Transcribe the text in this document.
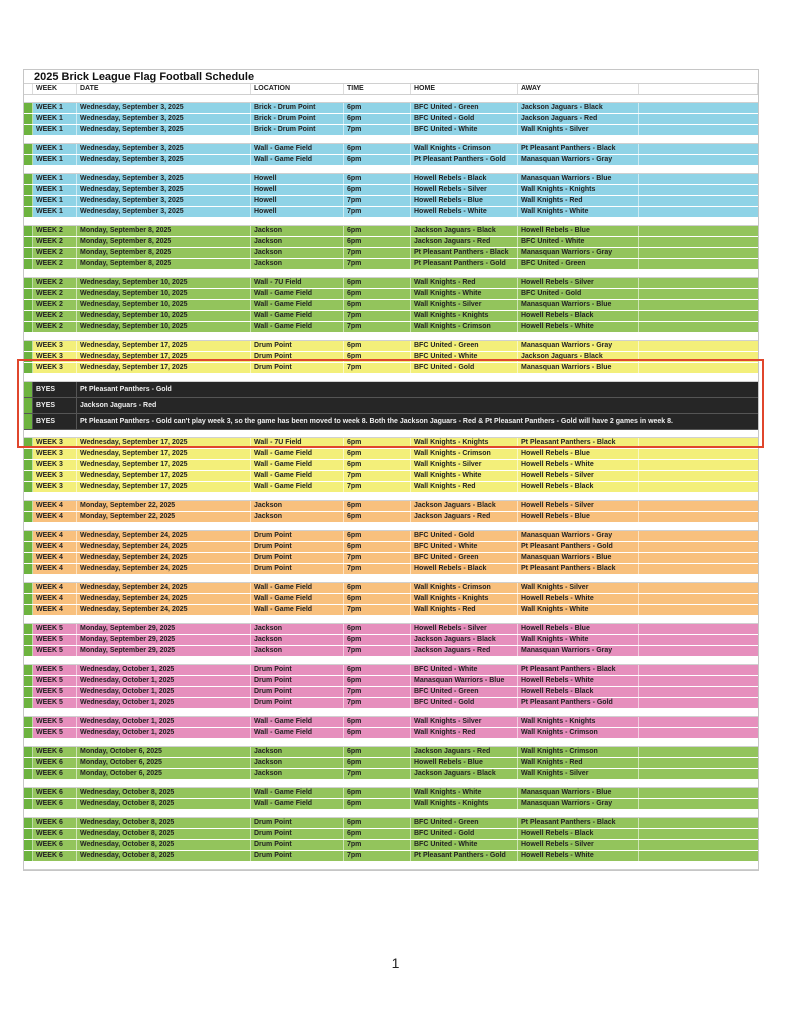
2025 Brick League Flag Football Schedule
WEEK	DATE	LOCATION	TIME	HOME	AWAY
WEEK 1	Wednesday, September 3, 2025	Brick - Drum Point	6pm	BFC United - Green	Jackson Jaguars - Black
WEEK 1	Wednesday, September 3, 2025	Brick - Drum Point	6pm	BFC United - Gold	Jackson Jaguars - Red
WEEK 1	Wednesday, September 3, 2025	Brick - Drum Point	7pm	BFC United - White	Wall Knights - Silver
WEEK 1	Wednesday, September 3, 2025	Wall - Game Field	6pm	Wall Knights - Crimson	Pt Pleasant Panthers - Black
WEEK 1	Wednesday, September 3, 2025	Wall - Game Field	6pm	Pt Pleasant Panthers - Gold	Manasquan Warriors - Gray
WEEK 1	Wednesday, September 3, 2025	Howell	6pm	Howell Rebels - Black	Manasquan Warriors - Blue
WEEK 1	Wednesday, September 3, 2025	Howell	6pm	Howell Rebels - Silver	Wall Knights - Knights
WEEK 1	Wednesday, September 3, 2025	Howell	7pm	Howell Rebels - Blue	Wall Knights - Red
WEEK 1	Wednesday, September 3, 2025	Howell	7pm	Howell Rebels - White	Wall Knights - White
WEEK 2	Monday, September 8, 2025	Jackson	6pm	Jackson Jaguars - Black	Howell Rebels - Blue
WEEK 2	Monday, September 8, 2025	Jackson	6pm	Jackson Jaguars - Red	BFC United - White
WEEK 2	Monday, September 8, 2025	Jackson	7pm	Pt Pleasant Panthers - Black	Manasquan Warriors - Gray
WEEK 2	Monday, September 8, 2025	Jackson	7pm	Pt Pleasant Panthers - Gold	BFC United - Green
WEEK 2	Wednesday, September 10, 2025	Wall - 7U Field	6pm	Wall Knights - Red	Howell Rebels - Silver
WEEK 2	Wednesday, September 10, 2025	Wall - Game Field	6pm	Wall Knights - White	BFC United - Gold
WEEK 2	Wednesday, September 10, 2025	Wall - Game Field	6pm	Wall Knights - Silver	Manasquan Warriors - Blue
WEEK 2	Wednesday, September 10, 2025	Wall - Game Field	7pm	Wall Knights - Knights	Howell Rebels - Black
WEEK 2	Wednesday, September 10, 2025	Wall - Game Field	7pm	Wall Knights - Crimson	Howell Rebels - White
WEEK 3	Wednesday, September 17, 2025	Drum Point	6pm	BFC United - Green	Manasquan Warriors - Gray
WEEK 3	Wednesday, September 17, 2025	Drum Point	6pm	BFC United - White	Jackson Jaguars - Black
WEEK 3	Wednesday, September 17, 2025	Drum Point	7pm	BFC United - Gold	Manasquan Warriors - Blue
BYES	Pt Pleasant Panthers - Gold
BYES	Jackson Jaguars - Red
BYES	Pt Pleasant Panthers - Gold can't play week 3, so the game has been moved to week 8. Both the Jackson Jaguars - Red & Pt Pleasant Panthers - Gold will have 2 games in week 8.
WEEK 3	Wednesday, September 17, 2025	Wall - 7U Field	6pm	Wall Knights - Knights	Pt Pleasant Panthers - Black
WEEK 3	Wednesday, September 17, 2025	Wall - Game Field	6pm	Wall Knights - Crimson	Howell Rebels - Blue
WEEK 3	Wednesday, September 17, 2025	Wall - Game Field	6pm	Wall Knights - Silver	Howell Rebels - White
WEEK 3	Wednesday, September 17, 2025	Wall - Game Field	7pm	Wall Knights - White	Howell Rebels - Silver
WEEK 3	Wednesday, September 17, 2025	Wall - Game Field	7pm	Wall Knights - Red	Howell Rebels - Black
WEEK 4	Monday, September 22, 2025	Jackson	6pm	Jackson Jaguars - Black	Howell Rebels - Silver
WEEK 4	Monday, September 22, 2025	Jackson	6pm	Jackson Jaguars - Red	Howell Rebels - Blue
WEEK 4	Wednesday, September 24, 2025	Drum Point	6pm	BFC United - Gold	Manasquan Warriors - Gray
WEEK 4	Wednesday, September 24, 2025	Drum Point	6pm	BFC United - White	Pt Pleasant Panthers - Gold
WEEK 4	Wednesday, September 24, 2025	Drum Point	7pm	BFC United - Green	Manasquan Warriors - Blue
WEEK 4	Wednesday, September 24, 2025	Drum Point	7pm	Howell Rebels - Black	Pt Pleasant Panthers - Black
WEEK 4	Wednesday, September 24, 2025	Wall - Game Field	6pm	Wall Knights - Crimson	Wall Knights - Silver
WEEK 4	Wednesday, September 24, 2025	Wall - Game Field	6pm	Wall Knights - Knights	Howell Rebels - White
WEEK 4	Wednesday, September 24, 2025	Wall - Game Field	7pm	Wall Knights - Red	Wall Knights - White
WEEK 5	Monday, September 29, 2025	Jackson	6pm	Howell Rebels - Silver	Howell Rebels - Blue
WEEK 5	Monday, September 29, 2025	Jackson	6pm	Jackson Jaguars - Black	Wall Knights - White
WEEK 5	Monday, September 29, 2025	Jackson	7pm	Jackson Jaguars - Red	Manasquan Warriors - Gray
WEEK 5	Wednesday, October 1, 2025	Drum Point	6pm	BFC United - White	Pt Pleasant Panthers - Black
WEEK 5	Wednesday, October 1, 2025	Drum Point	6pm	Manasquan Warriors - Blue	Howell Rebels - White
WEEK 5	Wednesday, October 1, 2025	Drum Point	7pm	BFC United - Green	Howell Rebels - Black
WEEK 5	Wednesday, October 1, 2025	Drum Point	7pm	BFC United - Gold	Pt Pleasant Panthers - Gold
WEEK 5	Wednesday, October 1, 2025	Wall - Game Field	6pm	Wall Knights - Silver	Wall Knights - Knights
WEEK 5	Wednesday, October 1, 2025	Wall - Game Field	6pm	Wall Knights - Red	Wall Knights - Crimson
WEEK 6	Monday, October 6, 2025	Jackson	6pm	Jackson Jaguars - Red	Wall Knights - Crimson
WEEK 6	Monday, October 6, 2025	Jackson	6pm	Howell Rebels - Blue	Wall Knights - Red
WEEK 6	Monday, October 6, 2025	Jackson	7pm	Jackson Jaguars - Black	Wall Knights - Silver
WEEK 6	Wednesday, October 8, 2025	Wall - Game Field	6pm	Wall Knights - White	Manasquan Warriors - Blue
WEEK 6	Wednesday, October 8, 2025	Wall - Game Field	6pm	Wall Knights - Knights	Manasquan Warriors - Gray
WEEK 6	Wednesday, October 8, 2025	Drum Point	6pm	BFC United - Green	Pt Pleasant Panthers - Black
WEEK 6	Wednesday, October 8, 2025	Drum Point	6pm	BFC United - Gold	Howell Rebels - Black
WEEK 6	Wednesday, October 8, 2025	Drum Point	7pm	BFC United - White	Howell Rebels - Silver
WEEK 6	Wednesday, October 8, 2025	Drum Point	7pm	Pt Pleasant Panthers - Gold	Howell Rebels - White
1
